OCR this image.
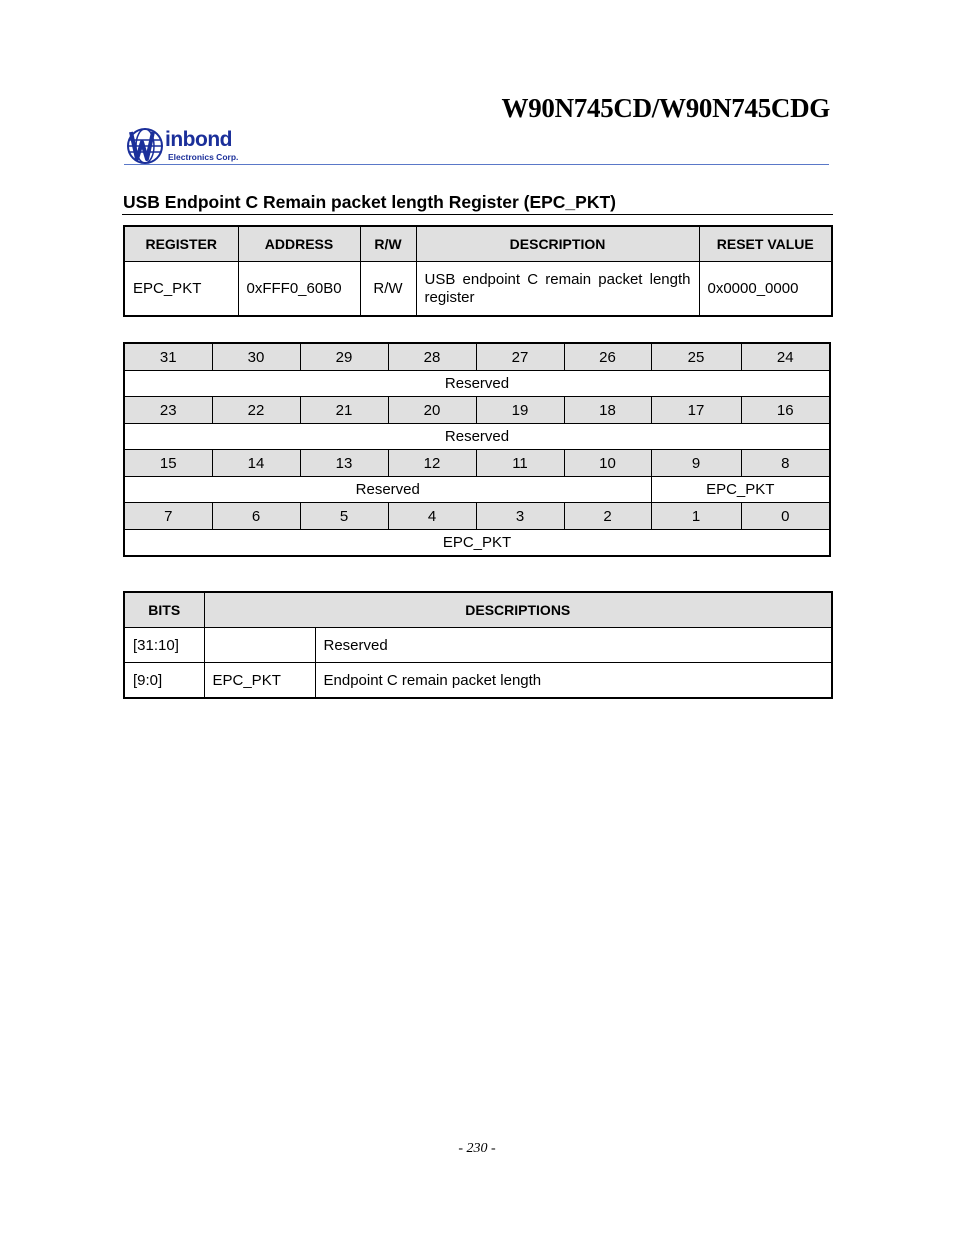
W90N745CD/W90N745CDG
inbond
Electronics Corp.
USB Endpoint C Remain packet length Register (EPC_PKT)
REGISTER	ADDRESS	R/W	DESCRIPTION	RESET VALUE
EPC_PKT	0xFFF0_60B0	R/W	USB endpoint C remain packet length register	0x0000_0000
31	30	29	28	27	26	25	24
Reserved							
23	22	21	20	19	18	17	16
Reserved							
15	14	13	12	11	10	9	8
Reserved						EPC_PKT	
7	6	5	4	3	2	1	0
EPC_PKT							
BITS	DESCRIPTIONS	
[31:10]		Reserved
[9:0]	EPC_PKT	Endpoint C remain packet length
- 230 -
